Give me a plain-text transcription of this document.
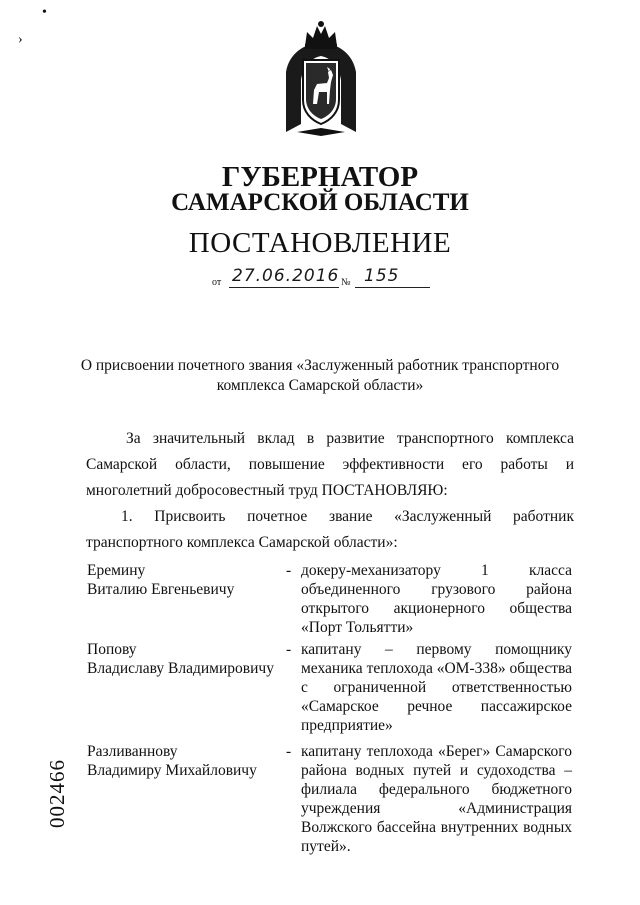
•
›
ГУБЕРНАТОР
САМАРСКОЙ ОБЛАСТИ
ПОСТАНОВЛЕНИЕ
от 27.06.2016 № 155
О присвоении почетного звания «Заслуженный работник транспортного
комплекса Самарской области»
За значительный вклад в развитие транспортного комплекса Самарской области, повышение эффективности его работы и многолетний добросовестный труд ПОСТАНОВЛЯЮ:
1. Присвоить почетное звание «Заслуженный работник транспортного комплекса Самарской области»:
Еремину
Виталию Евгеньевичу
- докеру-механизатору 1 класса объединенного грузового района открытого акционерного общества «Порт Тольятти»
Попову
Владиславу Владимировичу
- капитану – первому помощнику механика теплохода «ОМ-338» общества с ограниченной ответственностью «Самарское речное пассажирское предприятие»
Разливаннову
Владимиру Михайловичу
- капитану теплохода «Берег» Самарского района водных путей и судоходства – филиала федерального бюджетного учреждения «Администрация Волжского бассейна внутренних водных путей».
002466
